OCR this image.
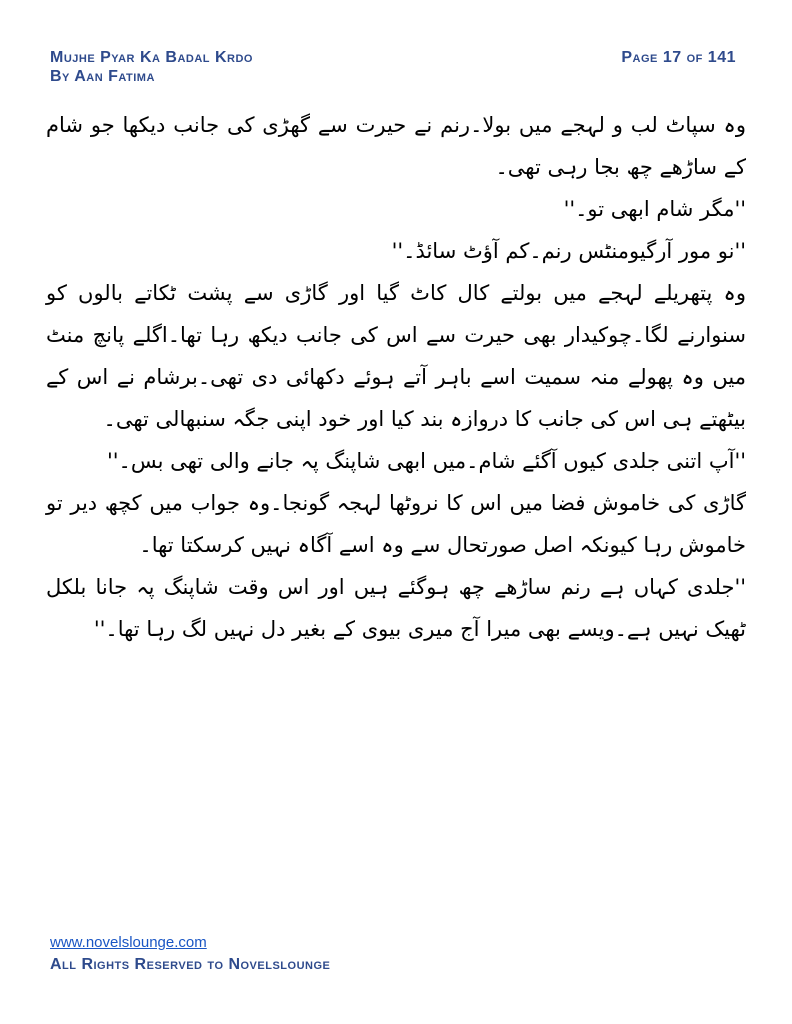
Mujhe Pyar Ka Badal Krdo
By Aan Fatima
Page 17 of 141

وہ سپاٹ لب و لہجے میں بولا۔رنم نے حیرت سے گھڑی کی جانب دیکھا جو شام کے ساڑھے چھ بجا رہی تھی۔

''مگر شام ابھی تو۔''

''نو مور آرگیومنٹس رنم۔کم آؤٹ سائڈ۔''

وہ پتھریلے لہجے میں بولتے کال کاٹ گیا اور گاڑی سے پشت ٹکاتے بالوں کو سنوارنے لگا۔چوکیدار بھی حیرت سے اس کی جانب دیکھ رہا تھا۔اگلے پانچ منٹ میں وہ پھولے منہ سمیت اسے باہر آتے ہوئے دکھائی دی تھی۔برشام نے اس کے بیٹھتے ہی اس کی جانب کا دروازہ بند کیا اور خود اپنی جگہ سنبھالی تھی۔

''آپ اتنی جلدی کیوں آگئے شام۔میں ابھی شاپنگ پہ جانے والی تھی بس۔''

گاڑی کی خاموش فضا میں اس کا نروٹھا لہجہ گونجا۔وہ جواب میں کچھ دیر تو خاموش رہا کیونکہ اصل صورتحال سے وہ اسے آگاہ نہیں کرسکتا تھا۔

''جلدی کہاں ہے رنم ساڑھے چھ ہوگئے ہیں اور اس وقت شاپنگ پہ جانا بلکل ٹھیک نہیں ہے۔ویسے بھی میرا آج میری بیوی کے بغیر دل نہیں لگ رہا تھا۔''

www.novelslounge.com
All Rights Reserved to Novelslounge
